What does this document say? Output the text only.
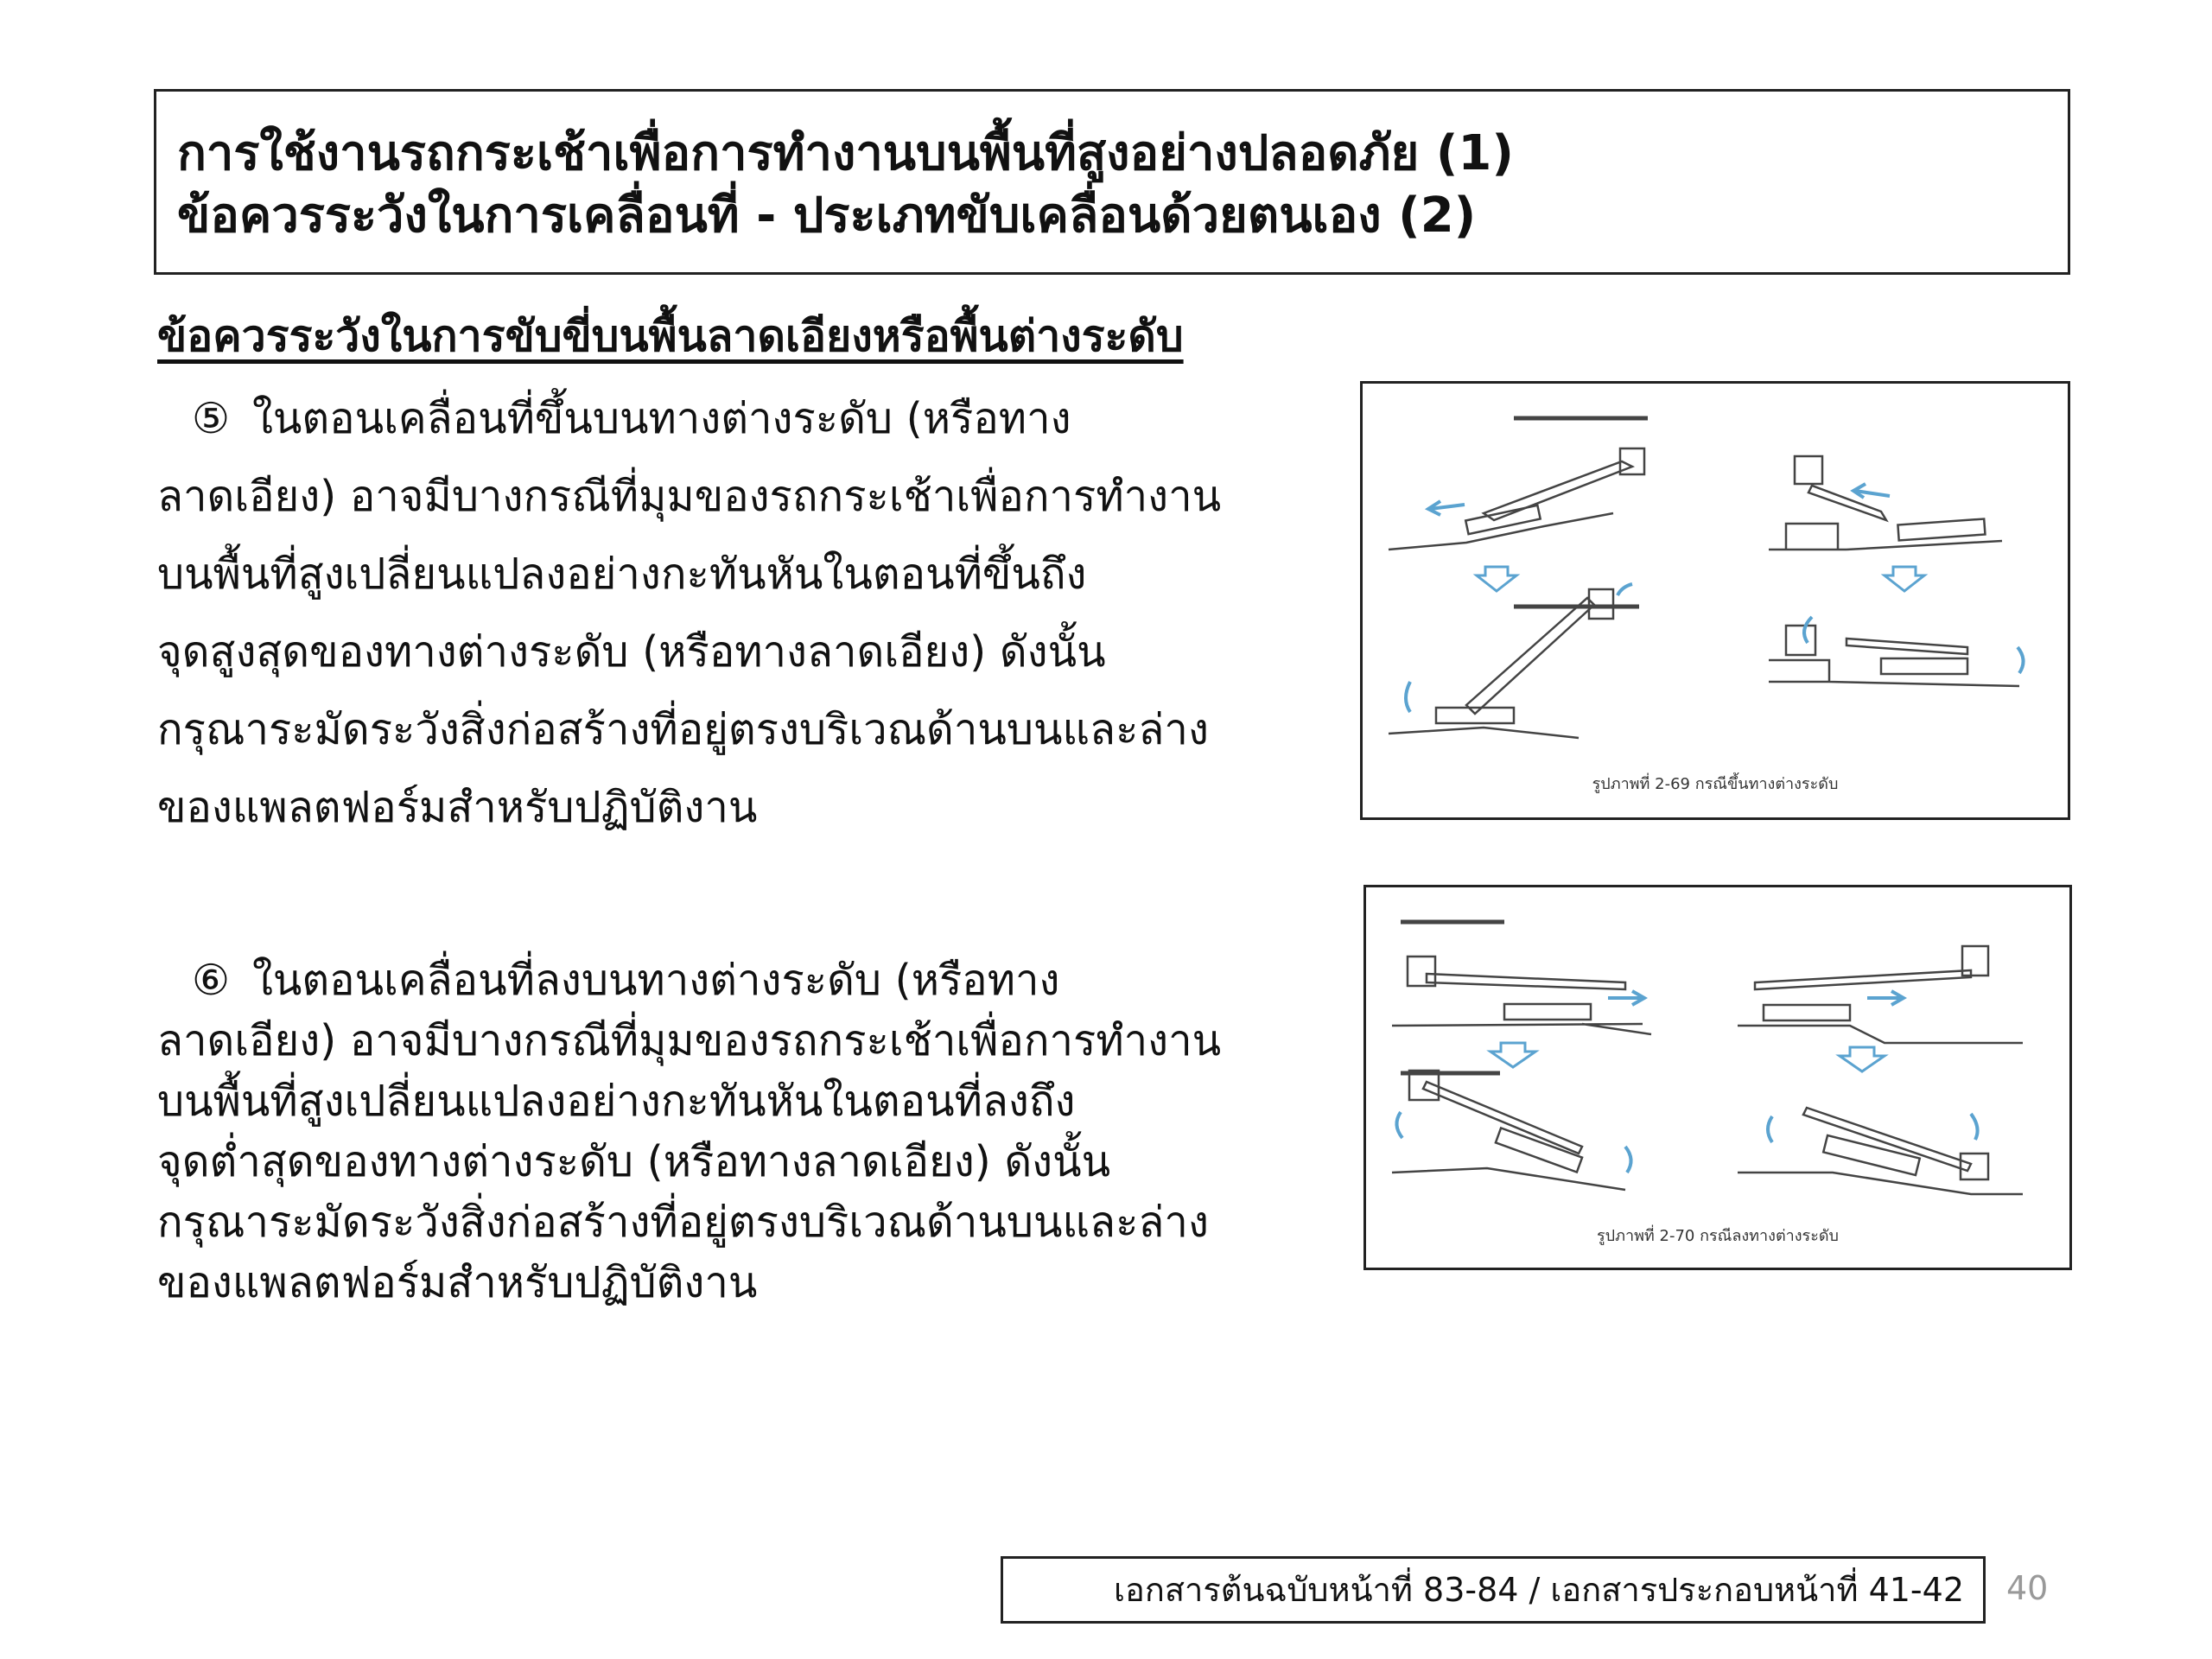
การใช้งานรถกระเช้าเพื่อการทำงานบนพื้นที่สูงอย่างปลอดภัย (1)
ข้อควรระวังในการเคลื่อนที่ - ประเภทขับเคลื่อนด้วยตนเอง (2)
ข้อควรระวังในการขับขี่บนพื้นลาดเอียงหรือพื้นต่างระดับ
⑤ ในตอนเคลื่อนที่ขึ้นบนทางต่างระดับ (หรือทาง
ลาดเอียง) อาจมีบางกรณีที่มุมของรถกระเช้าเพื่อการทำงาน
บนพื้นที่สูงเปลี่ยนแปลงอย่างกะทันหันในตอนที่ขึ้นถึง
จุดสูงสุดของทางต่างระดับ (หรือทางลาดเอียง) ดังนั้น
กรุณาระมัดระวังสิ่งก่อสร้างที่อยู่ตรงบริเวณด้านบนและล่าง
ของแพลตฟอร์มสำหรับปฏิบัติงาน
⑥ ในตอนเคลื่อนที่ลงบนทางต่างระดับ (หรือทาง
ลาดเอียง) อาจมีบางกรณีที่มุมของรถกระเช้าเพื่อการทำงาน
บนพื้นที่สูงเปลี่ยนแปลงอย่างกะทันหันในตอนที่ลงถึง
จุดต่ำสุดของทางต่างระดับ (หรือทางลาดเอียง) ดังนั้น
กรุณาระมัดระวังสิ่งก่อสร้างที่อยู่ตรงบริเวณด้านบนและล่าง
ของแพลตฟอร์มสำหรับปฏิบัติงาน
รูปภาพที่ 2-69 กรณีขึ้นทางต่างระดับ
รูปภาพที่ 2-70 กรณีลงทางต่างระดับ
เอกสารต้นฉบับหน้าที่ 83-84 / เอกสารประกอบหน้าที่ 41-42	40
